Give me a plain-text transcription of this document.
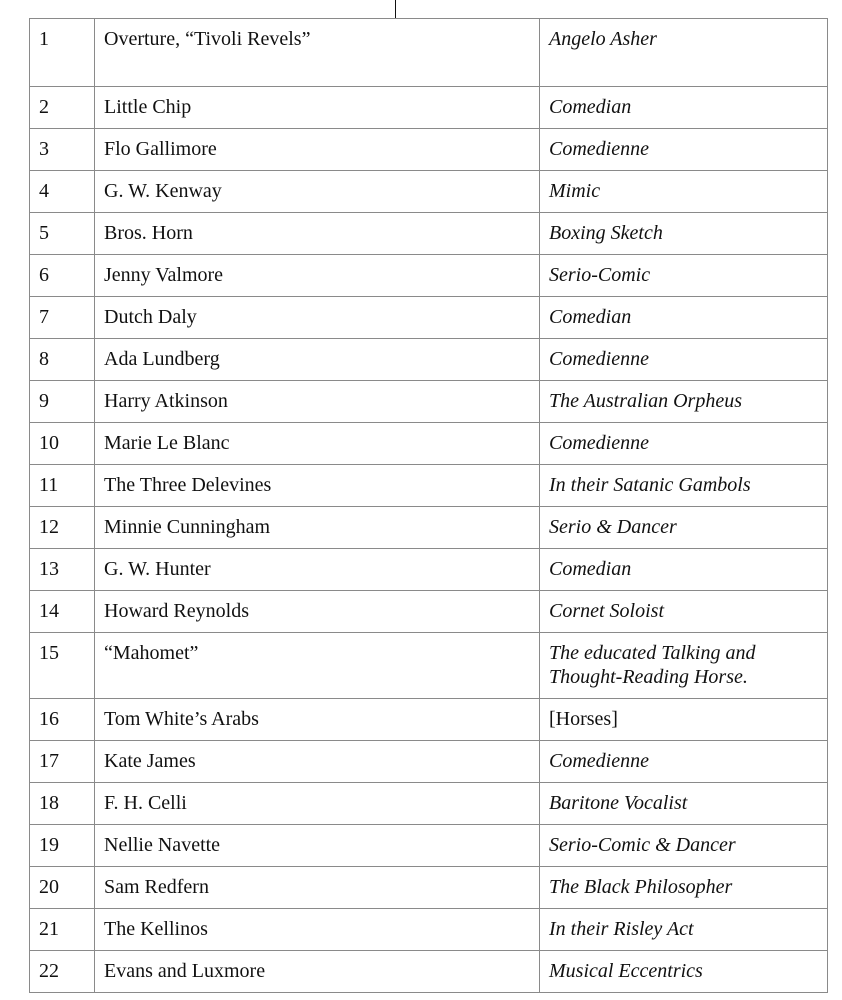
1	Overture, “Tivoli Revels”	Angelo Asher
2	Little Chip	Comedian
3	Flo Gallimore	Comedienne
4	G. W. Kenway	Mimic
5	Bros. Horn	Boxing Sketch
6	Jenny Valmore	Serio-Comic
7	Dutch Daly	Comedian
8	Ada Lundberg	Comedienne
9	Harry Atkinson	The Australian Orpheus
10	Marie Le Blanc	Comedienne
11	The Three Delevines	In their Satanic Gambols
12	Minnie Cunningham	Serio & Dancer
13	G. W. Hunter	Comedian
14	Howard Reynolds	Cornet Soloist
15	“Mahomet”	The educated Talking and Thought-Reading Horse.
16	Tom White’s Arabs	[Horses]
17	Kate James	Comedienne
18	F. H. Celli	Baritone Vocalist
19	Nellie Navette	Serio-Comic & Dancer
20	Sam Redfern	The Black Philosopher
21	The Kellinos	In their Risley Act
22	Evans and Luxmore	Musical Eccentrics
